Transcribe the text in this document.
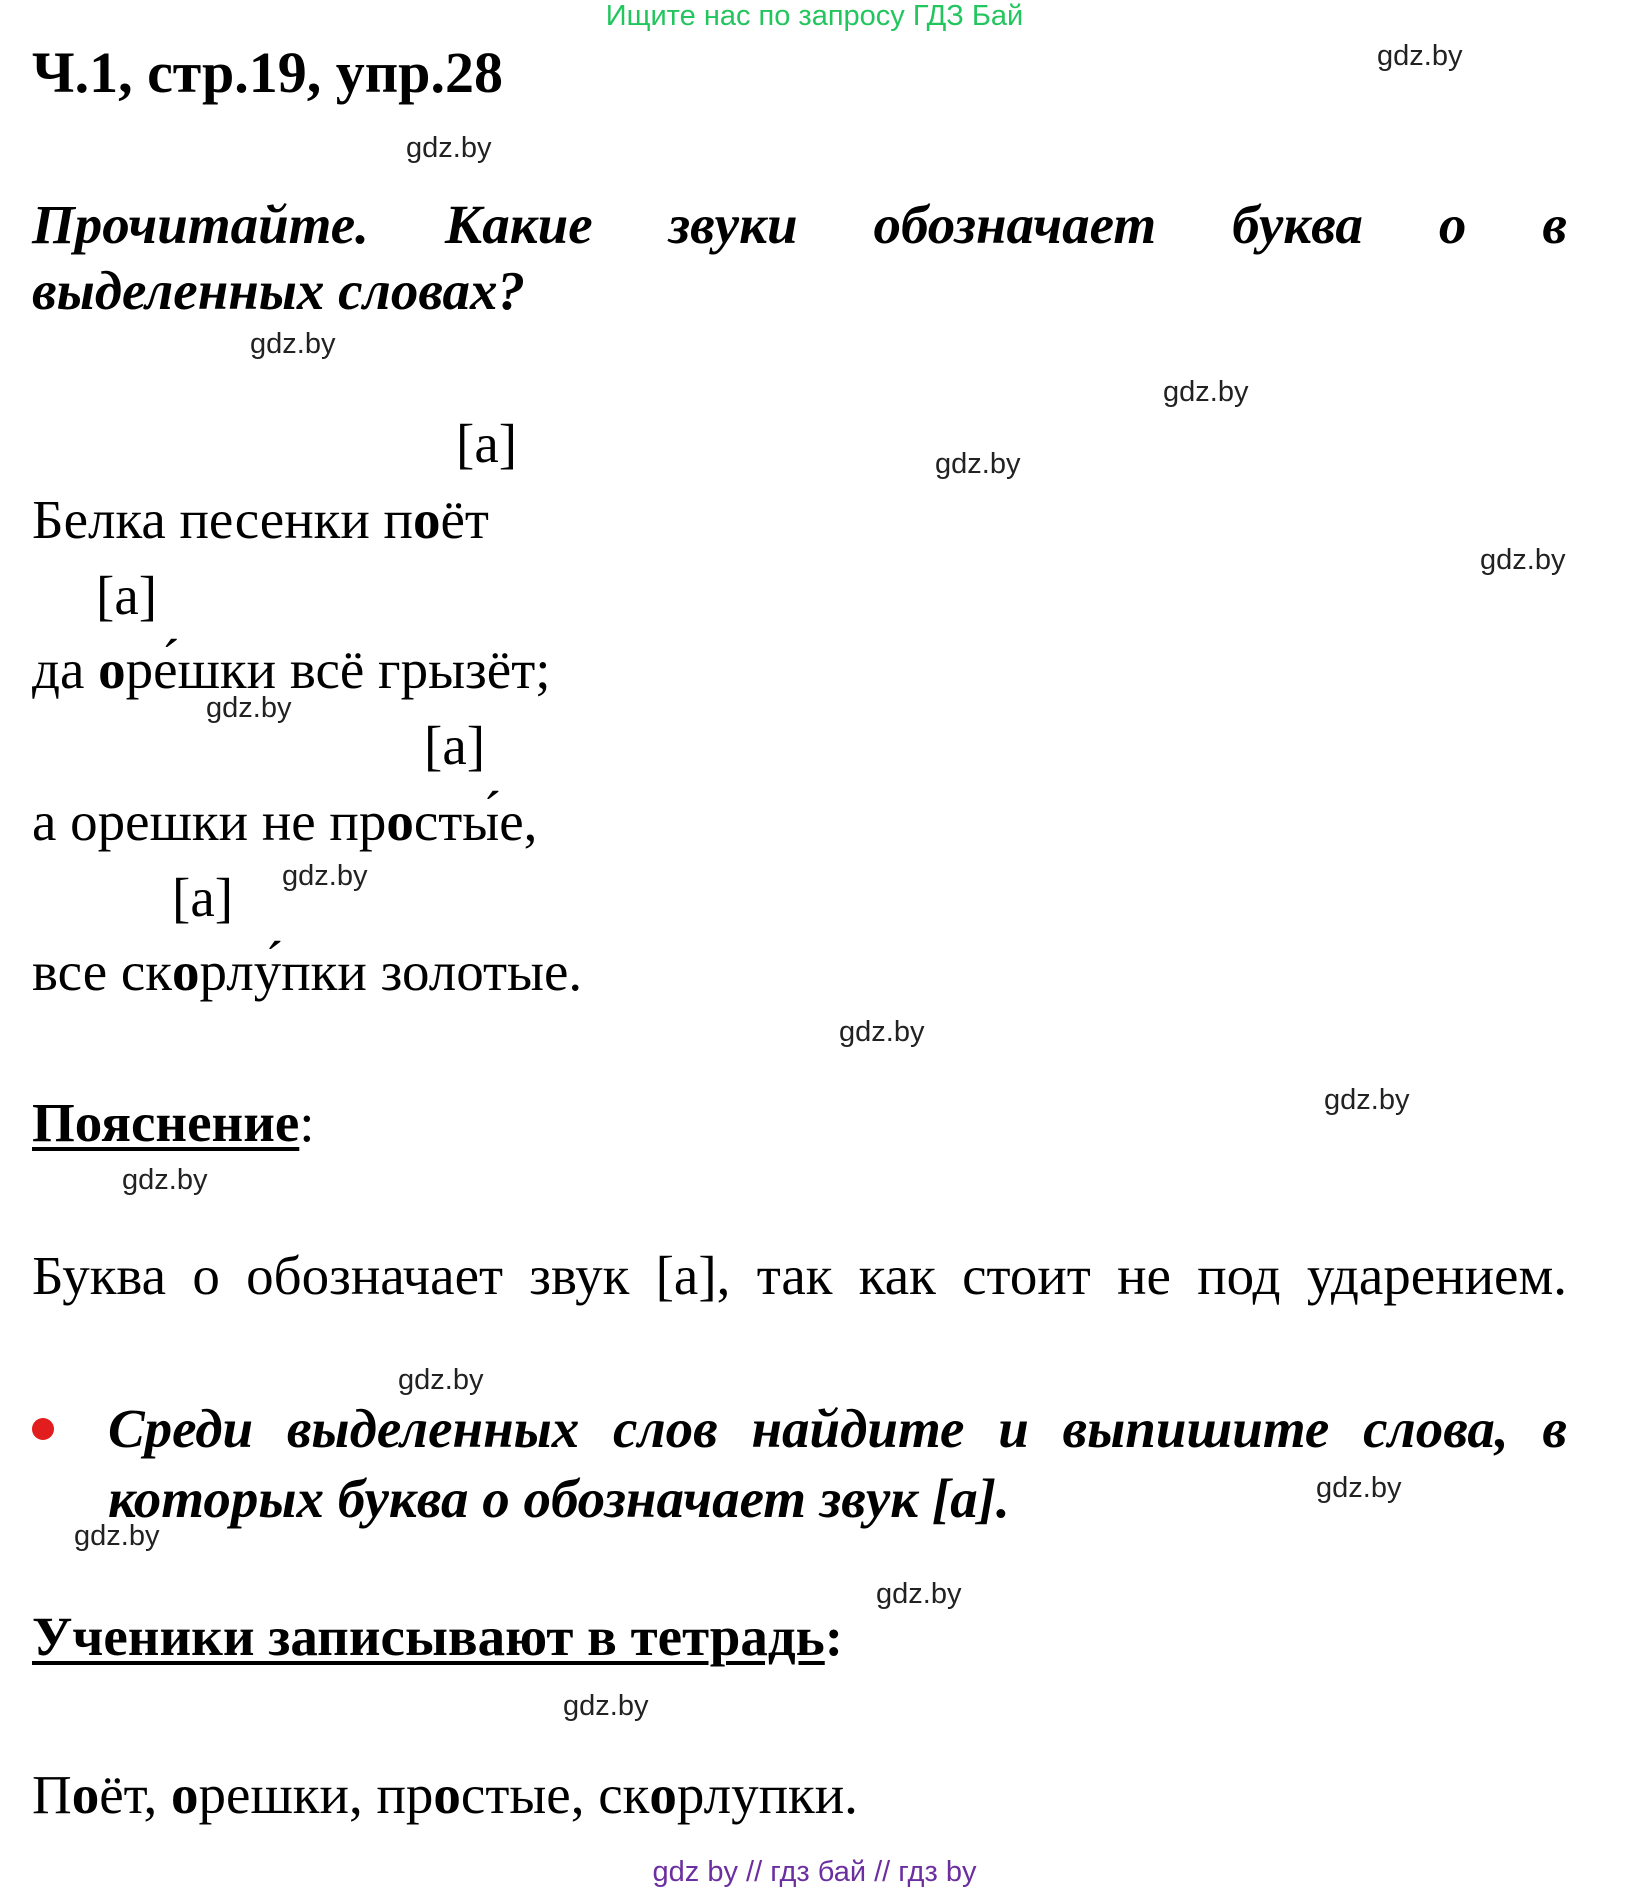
Ищите нас по запросу ГДЗ Бай
Ч.1, стр.19, упр.28
Прочитайте. Какие звуки обозначает буква о в
выделенных словах?
[а]
Белка песенки поёт
[а]
да оре́шки всё грызёт;
[а]
а орешки не просты́е,
[а]
все скорлу́пки золотые.
Пояснение:
Буква о обозначает звук [а], так как стоит не под ударением.
Среди выделенных слов найдите и выпишите слова, в
которых буква о обозначает звук [а].
Ученики записывают в тетрадь:
Поёт, орешки, простые, скорлупки.
gdz.by
gdz.by
gdz.by
gdz.by
gdz.by
gdz.by
gdz.by
gdz.by
gdz.by
gdz.by
gdz.by
gdz.by
gdz.by
gdz.by
gdz.by
gdz.by
gdz by // гдз бай // гдз by
